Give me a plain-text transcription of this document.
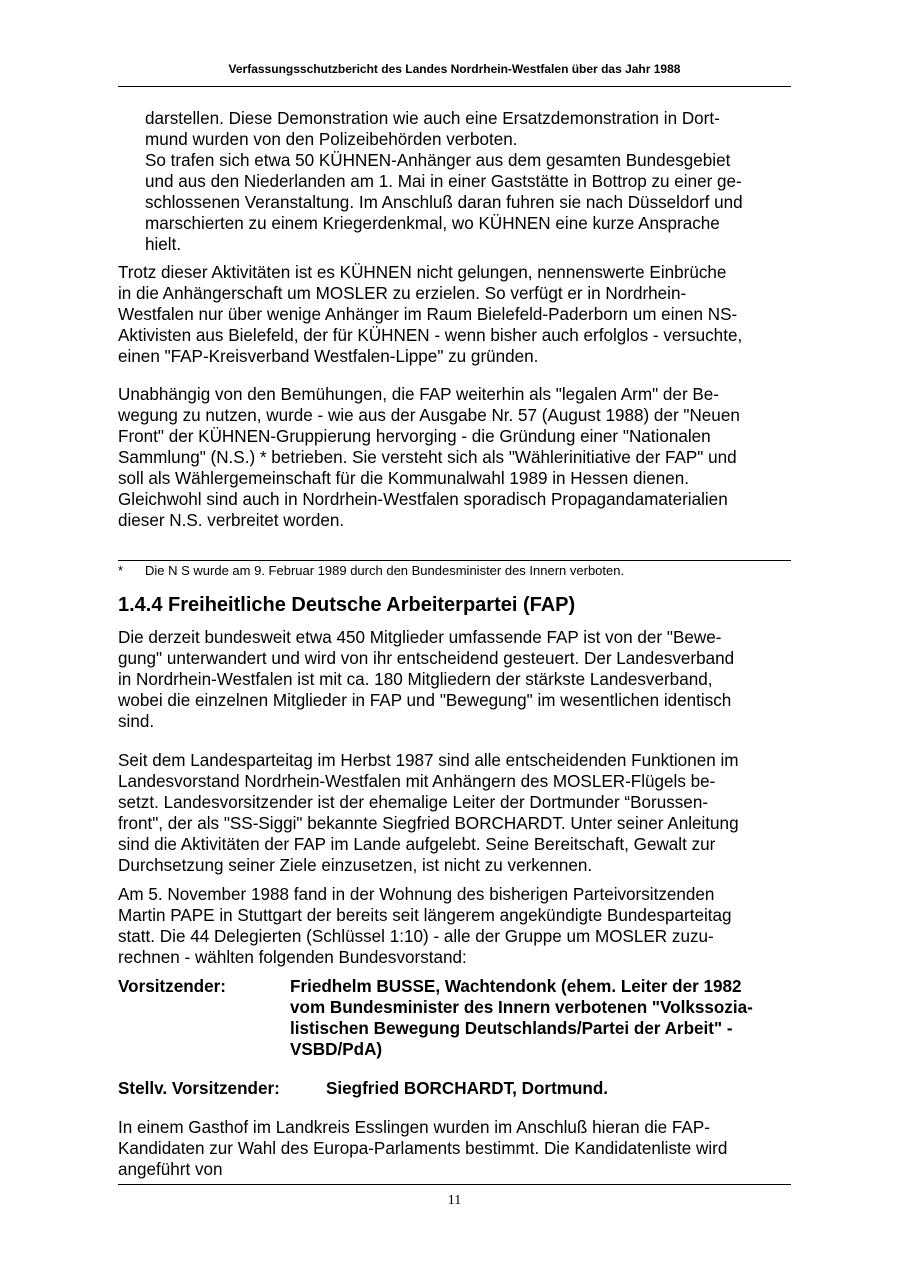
Verfassungsschutzbericht des Landes Nordrhein-Westfalen über das Jahr 1988
darstellen. Diese Demonstration wie auch eine Ersatzdemonstration in Dort-
mund wurden von den Polizeibehörden verboten.
So trafen sich etwa 50 KÜHNEN-Anhänger aus dem gesamten Bundesgebiet
und aus den Niederlanden am 1. Mai in einer Gaststätte in Bottrop zu einer ge-
schlossenen Veranstaltung. Im Anschluß daran fuhren sie nach Düsseldorf und
marschierten zu einem Kriegerdenkmal, wo KÜHNEN eine kurze Ansprache
hielt.
Trotz dieser Aktivitäten ist es KÜHNEN nicht gelungen, nennenswerte Einbrüche
in die Anhängerschaft um MOSLER zu erzielen. So verfügt er in Nordrhein-
Westfalen nur über wenige Anhänger im Raum Bielefeld-Paderborn um einen NS-
Aktivisten aus Bielefeld, der für KÜHNEN - wenn bisher auch erfolglos - versuchte,
einen "FAP-Kreisverband Westfalen-Lippe" zu gründen.
Unabhängig von den Bemühungen, die FAP weiterhin als "legalen Arm" der Be-
wegung zu nutzen, wurde - wie aus der Ausgabe Nr. 57 (August 1988) der "Neuen
Front" der KÜHNEN-Gruppierung hervorging - die Gründung einer "Nationalen
Sammlung" (N.S.) * betrieben. Sie versteht sich als "Wählerinitiative der FAP" und
soll als Wählergemeinschaft für die Kommunalwahl 1989 in Hessen dienen.
Gleichwohl sind auch in Nordrhein-Westfalen sporadisch Propagandamaterialien
dieser N.S. verbreitet worden.
* Die N S wurde am 9. Februar 1989 durch den Bundesminister des Innern verboten.
1.4.4 Freiheitliche Deutsche Arbeiterpartei (FAP)
Die derzeit bundesweit etwa 450 Mitglieder umfassende FAP ist von der "Bewe-
gung" unterwandert und wird von ihr entscheidend gesteuert. Der Landesverband
in Nordrhein-Westfalen ist mit ca. 180 Mitgliedern der stärkste Landesverband,
wobei die einzelnen Mitglieder in FAP und "Bewegung" im wesentlichen identisch
sind.
Seit dem Landesparteitag im Herbst 1987 sind alle entscheidenden Funktionen im
Landesvorstand Nordrhein-Westfalen mit Anhängern des MOSLER-Flügels be-
setzt. Landesvorsitzender ist der ehemalige Leiter der Dortmunder “Borussen-
front", der als "SS-Siggi" bekannte Siegfried BORCHARDT. Unter seiner Anleitung
sind die Aktivitäten der FAP im Lande aufgelebt. Seine Bereitschaft, Gewalt zur
Durchsetzung seiner Ziele einzusetzen, ist nicht zu verkennen.
Am 5. November 1988 fand in der Wohnung des bisherigen Parteivorsitzenden
Martin PAPE in Stuttgart der bereits seit längerem angekündigte Bundesparteitag
statt. Die 44 Delegierten (Schlüssel 1:10) - alle der Gruppe um MOSLER zuzu-
rechnen - wählten folgenden Bundesvorstand:
Vorsitzender:	Friedhelm BUSSE, Wachtendonk (ehem. Leiter der 1982
vom Bundesminister des Innern verbotenen "Volkssozia-
listischen Bewegung Deutschlands/Partei der Arbeit" -
VSBD/PdA)
Stellv. Vorsitzender:	Siegfried BORCHARDT, Dortmund.
In einem Gasthof im Landkreis Esslingen wurden im Anschluß hieran die FAP-
Kandidaten zur Wahl des Europa-Parlaments bestimmt. Die Kandidatenliste wird
angeführt von
11
